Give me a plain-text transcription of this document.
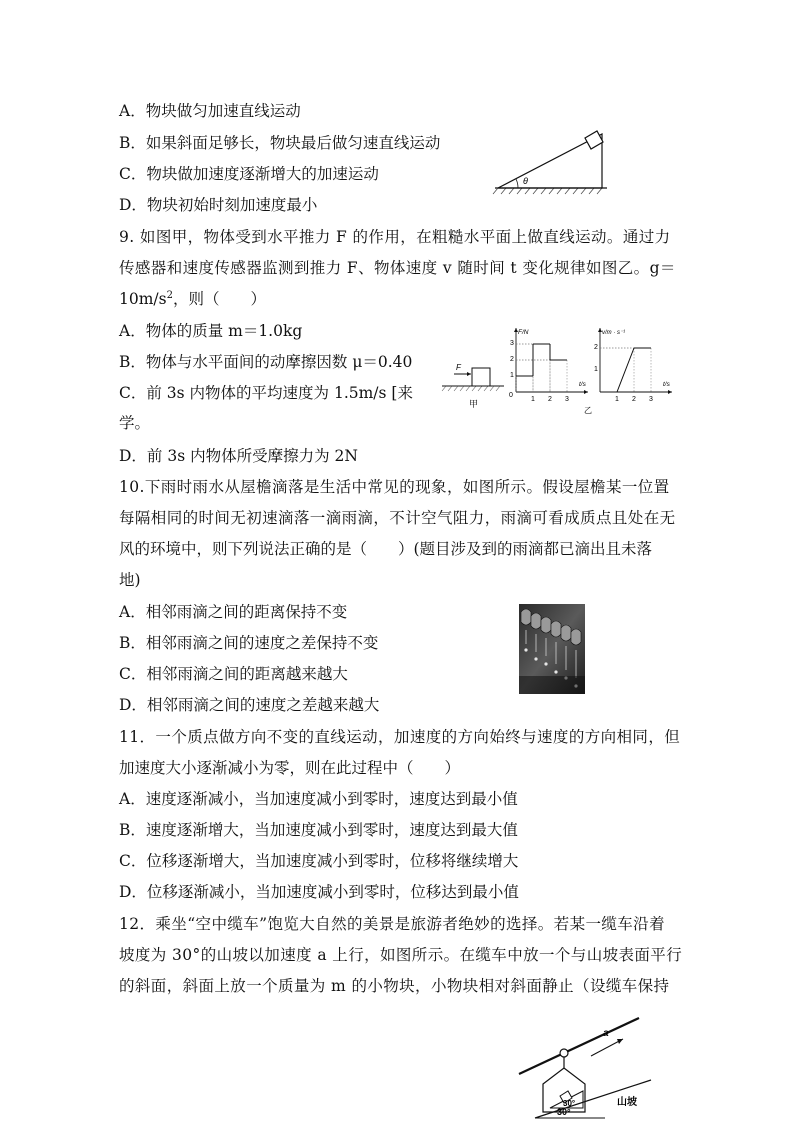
A．物块做匀加速直线运动
B．如果斜面足够长，物块最后做匀速直线运动
C．物块做加速度逐渐增大的加速运动
D．物块初始时刻加速度最小
θ
9. 如图甲，物体受到水平推力 F 的作用，在粗糙水平面上做直线运动。通过力
传感器和速度传感器监测到推力 F、物体速度 v 随时间 t 变化规律如图乙。g＝
$10m/s^2$，则（　　）
A．物体的质量 m＝1.0kg
B．物体与水平面间的动摩擦因数 μ＝0.40
C．前 3s 内物体的平均速度为 1.5m/s [来
学。
D．前 3s 内物体所受摩擦力为 2N
F
甲
F/N
t/s
0
1 2 3
1
2
3
v/m · s⁻¹
t/s
1 2 3
1
2
乙
10.下雨时雨水从屋檐滴落是生活中常见的现象，如图所示。假设屋檐某一位置
每隔相同的时间无初速滴落一滴雨滴，不计空气阻力，雨滴可看成质点且处在无
风的环境中，则下列说法正确的是（　　）(题目涉及到的雨滴都已滴出且未落
地)
A．相邻雨滴之间的距离保持不变
B．相邻雨滴之间的速度之差保持不变
C．相邻雨滴之间的距离越来越大
D．相邻雨滴之间的速度之差越来越大
11．一个质点做方向不变的直线运动，加速度的方向始终与速度的方向相同，但
加速度大小逐渐减小为零，则在此过程中（　　）
A．速度逐渐减小，当加速度减小到零时，速度达到最小值
B．速度逐渐增大，当加速度减小到零时，速度达到最大值
C．位移逐渐增大，当加速度减小到零时，位移将继续增大
D．位移逐渐减小，当加速度减小到零时，位移达到最小值
12．乘坐“空中缆车”饱览大自然的美景是旅游者绝妙的选择。若某一缆车沿着
坡度为 30°的山坡以加速度 a 上行，如图所示。在缆车中放一个与山坡表面平行
的斜面，斜面上放一个质量为 m 的小物块，小物块相对斜面静止（设缆车保持
30°
a
30°
山坡
